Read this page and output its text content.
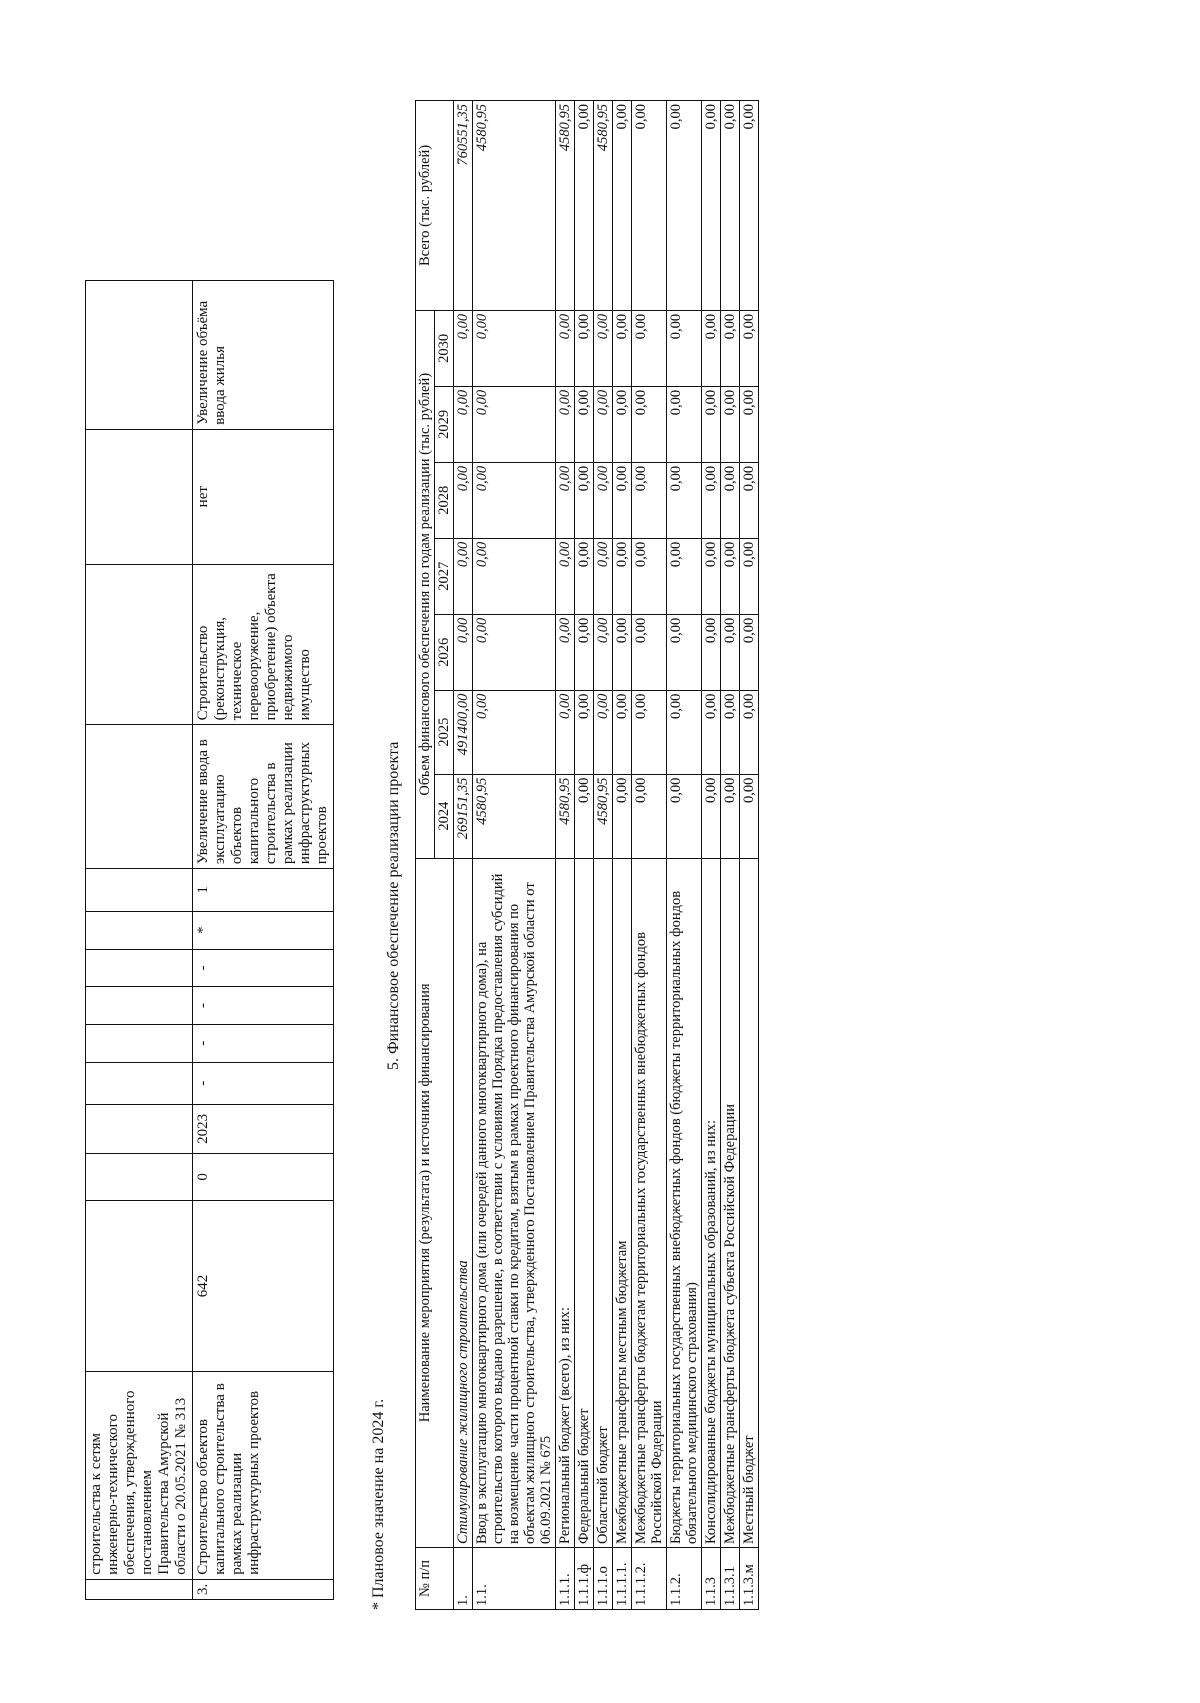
	строительства к сетям инженерно-технического обеспечения, утвержденного постановлением Правительства Амурской области о 20.05.2021 № 313													
3.	Строительство объектов капитального строительства в рамках реализации инфраструктурных проектов	642	0	2023	-	-	-	-	*	1	Увеличение ввода в эксплуатацию объектов капитального строительства в рамках реализации инфраструктурных проектов	Строительство (реконструкция, техническое перевооружение, приобретение) объекта недвижимого имущество	нет	Увеличение объёма ввода жилья
* Плановое значение на 2024 г.
5. Финансовое обеспечение реализации проекта
№ п/п	Наименование мероприятия (результата) и источники финансирования	Объем финансового обеспечения по годам реализации (тыс. рублей)							Всего (тыс. рублей)
		2024	2025	2026	2027	2028	2029	2030	
1.	Стимулирование жилищного строительства	269151,35	491400,00	0,00	0,00	0,00	0,00	0,00	760551,35
1.1.	Ввод в эксплуатацию многоквартирного дома (или очередей данного многоквартирного дома), на строительство которого выдано разрешение, в соответствии с условиями Порядка предоставления субсидий на возмещение части процентной ставки по кредитам, взятым в рамках проектного финансирования по объектам жилищного строительства, утвержденного Постановлением Правительства Амурской области от 06.09.2021 № 675	4580,95	0,00	0,00	0,00	0,00	0,00	0,00	4580,95
1.1.1.	Региональный бюджет (всего), из них:	4580,95	0,00	0,00	0,00	0,00	0,00	0,00	4580,95
1.1.1.ф	Федеральный бюджет	0,00	0,00	0,00	0,00	0,00	0,00	0,00	0,00
1.1.1.о	Областной бюджет	4580,95	0,00	0,00	0,00	0,00	0,00	0,00	4580,95
1.1.1.1.	Межбюджетные трансферты местным бюджетам	0,00	0,00	0,00	0,00	0,00	0,00	0,00	0,00
1.1.1.2.	Межбюджетные трансферты бюджетам территориальных государственных внебюджетных фондов Российской Федерации	0,00	0,00	0,00	0,00	0,00	0,00	0,00	0,00
1.1.2.	Бюджеты территориальных государственных внебюджетных фондов (бюджеты территориальных фондов обязательного медицинского страхования)	0,00	0,00	0,00	0,00	0,00	0,00	0,00	0,00
1.1.3	Консолидированные бюджеты муниципальных образований, из них:	0,00	0,00	0,00	0,00	0,00	0,00	0,00	0,00
1.1.3.1	Межбюджетные трансферты бюджета субъекта Российской Федерации	0,00	0,00	0,00	0,00	0,00	0,00	0,00	0,00
1.1.3.м	Местный бюджет	0,00	0,00	0,00	0,00	0,00	0,00	0,00	0,00
